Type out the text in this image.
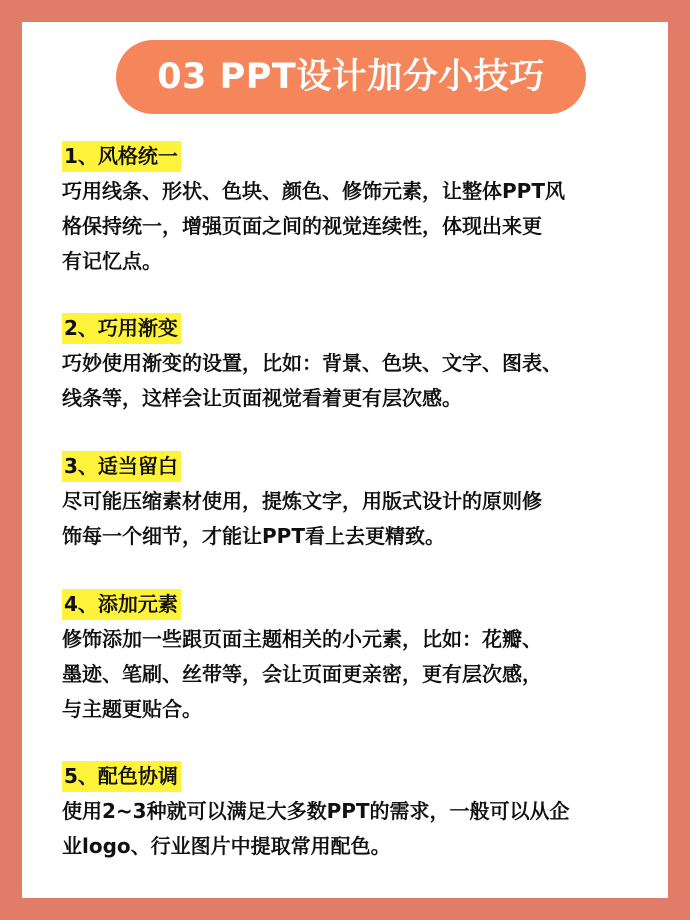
03 PPT设计加分小技巧
1、风格统一
巧用线条、形状、色块、颜色、修饰元素，让整体PPT风
格保持统一，增强页面之间的视觉连续性，体现出来更
有记忆点。
2、巧用渐变
巧妙使用渐变的设置，比如：背景、色块、文字、图表、
线条等，这样会让页面视觉看着更有层次感。
3、适当留白
尽可能压缩素材使用，提炼文字，用版式设计的原则修
饰每一个细节，才能让PPT看上去更精致。
4、添加元素
修饰添加一些跟页面主题相关的小元素，比如：花瓣、
墨迹、笔刷、丝带等，会让页面更亲密，更有层次感，
与主题更贴合。
5、配色协调
使用2~3种就可以满足大多数PPT的需求，一般可以从企
业logo、行业图片中提取常用配色。
